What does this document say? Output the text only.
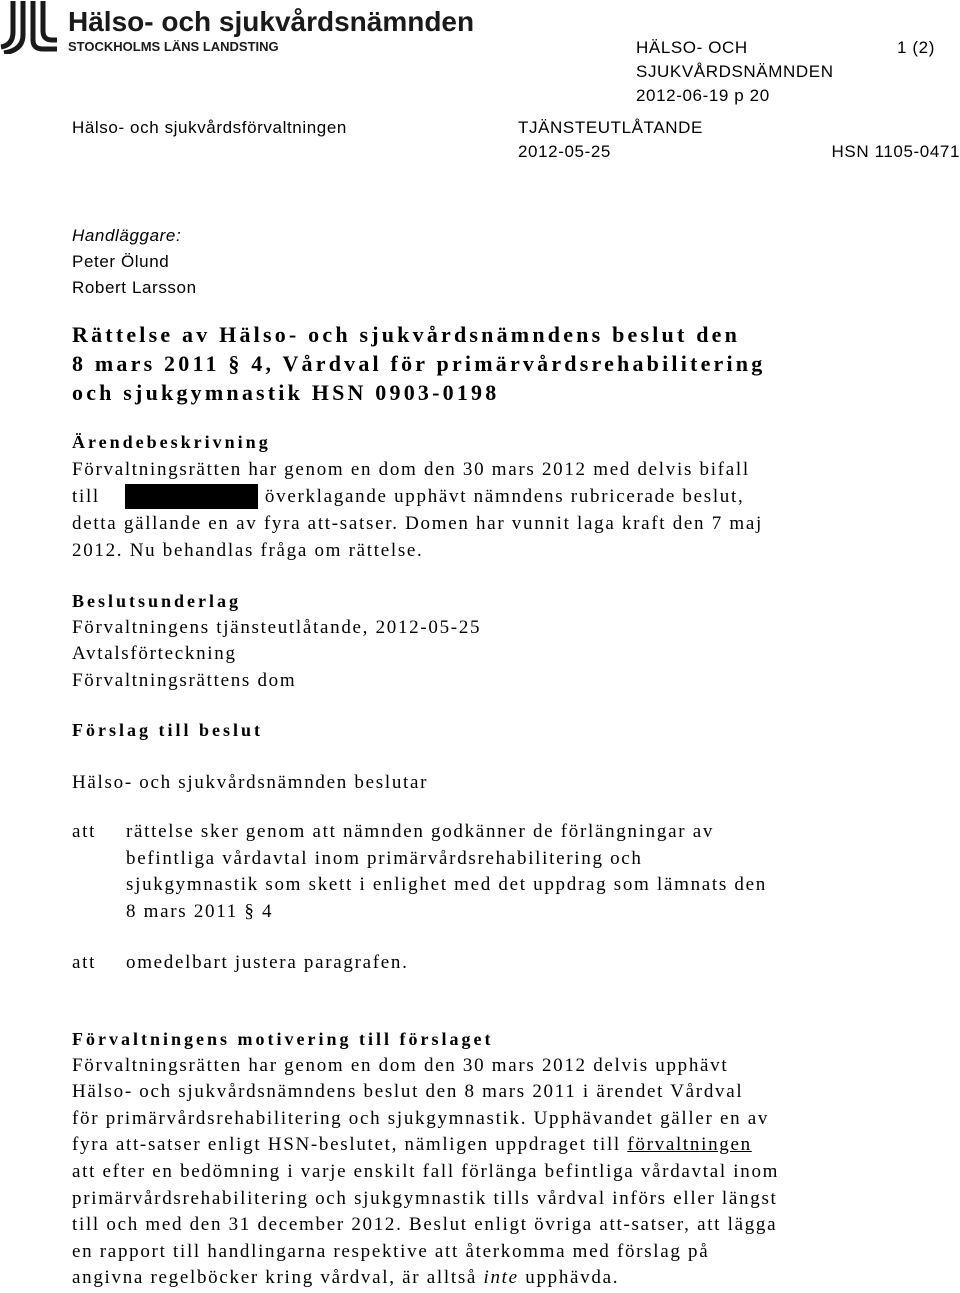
Hälso- och sjukvårdsnämnden
STOCKHOLMS LÄNS LANDSTING	HÄLSO- OCH
SJUKVÅRDSNÄMNDEN
2012-06-19 p 20
1 (2)
Hälso- och sjukvårdsförvaltningen	TJÄNSTEUTLÅTANDE
2012-05-25	HSN 1105-0471
Handläggare:
Peter Ölund
Robert Larsson
Rättelse av Hälso- och sjukvårdsnämndens beslut den
8 mars 2011 § 4, Vårdval för primärvårdsrehabilitering
och sjukgymnastik HSN 0903-0198
Ärendebeskrivning
Förvaltningsrätten har genom en dom den 30 mars 2012 med delvis bifall
till	överklagande upphävt nämndens rubricerade beslut,
detta gällande en av fyra att-satser. Domen har vunnit laga kraft den 7 maj
2012. Nu behandlas fråga om rättelse.
Beslutsunderlag
Förvaltningens tjänsteutlåtande, 2012-05-25
Avtalsförteckning
Förvaltningsrättens dom
Förslag till beslut
Hälso- och sjukvårdsnämnden beslutar
att rättelse sker genom att nämnden godkänner de förlängningar av
befintliga vårdavtal inom primärvårdsrehabilitering och
sjukgymnastik som skett i enlighet med det uppdrag som lämnats den
8 mars 2011 § 4
att omedelbart justera paragrafen.
Förvaltningens motivering till förslaget
Förvaltningsrätten har genom en dom den 30 mars 2012 delvis upphävt
Hälso- och sjukvårdsnämndens beslut den 8 mars 2011 i ärendet Vårdval
för primärvårdsrehabilitering och sjukgymnastik. Upphävandet gäller en av
fyra att-satser enligt HSN-beslutet, nämligen uppdraget till förvaltningen
att efter en bedömning i varje enskilt fall förlänga befintliga vårdavtal inom
primärvårdsrehabilitering och sjukgymnastik tills vårdval införs eller längst
till och med den 31 december 2012. Beslut enligt övriga att-satser, att lägga
en rapport till handlingarna respektive att återkomma med förslag på
angivna regelböcker kring vårdval, är alltså inte upphävda.
